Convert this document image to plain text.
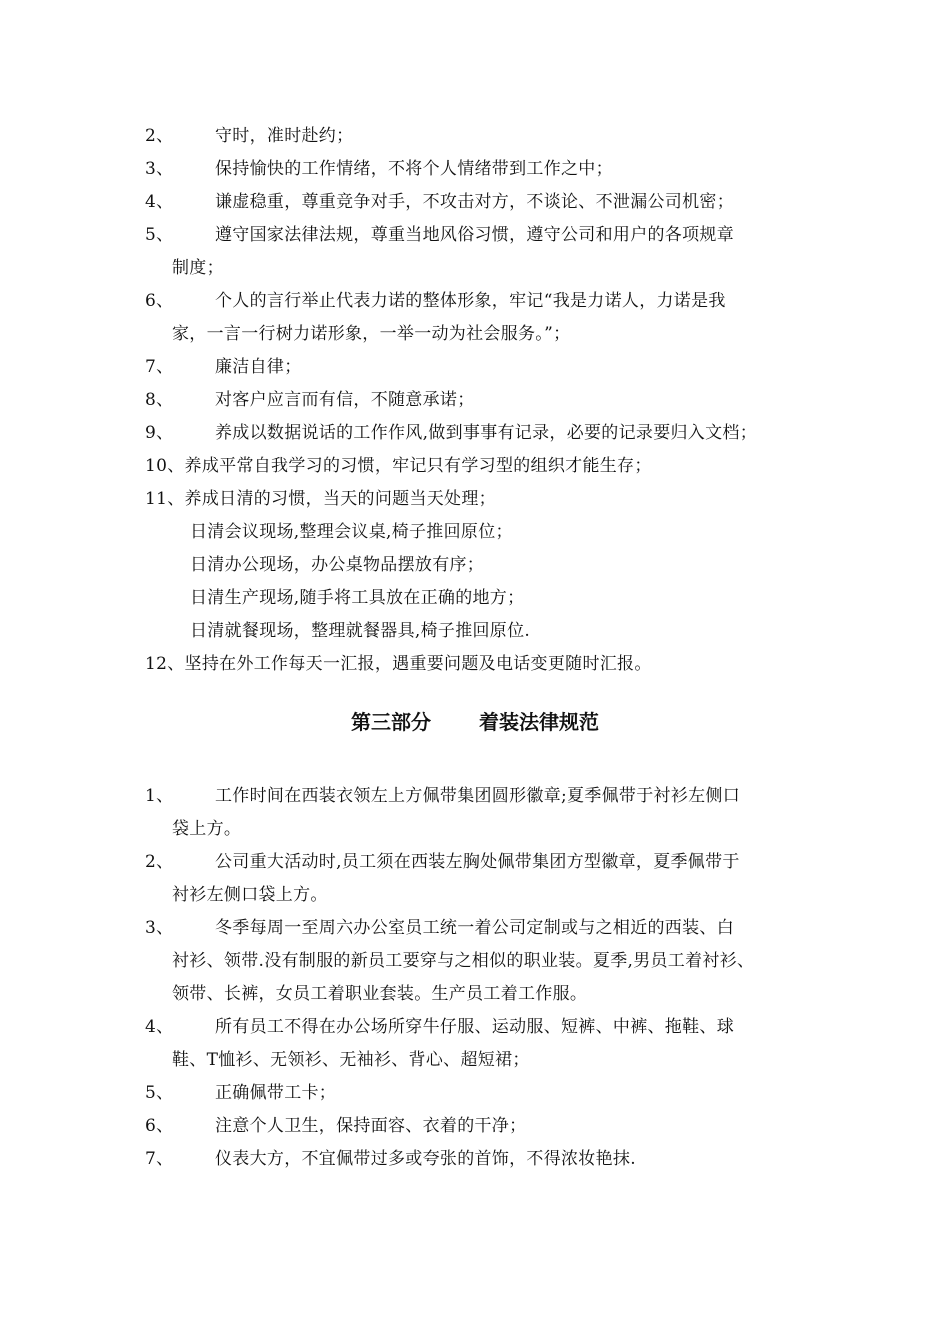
2、 守时，准时赴约；
3、 保持愉快的工作情绪，不将个人情绪带到工作之中；
4、 谦虚稳重，尊重竞争对手，不攻击对方，不谈论、不泄漏公司机密；
5、 遵守国家法律法规，尊重当地风俗习惯，遵守公司和用户的各项规章
制度；
6、 个人的言行举止代表力诺的整体形象，牢记“我是力诺人，力诺是我
家，一言一行树力诺形象，一举一动为社会服务。”；
7、 廉洁自律；
8、 对客户应言而有信，不随意承诺；
9、 养成以数据说话的工作作风,做到事事有记录，必要的记录要归入文档；
10、养成平常自我学习的习惯，牢记只有学习型的组织才能生存；
11、养成日清的习惯，当天的问题当天处理；
日清会议现场,整理会议桌,椅子推回原位；
日清办公现场，办公桌物品摆放有序；
日清生产现场,随手将工具放在正确的地方；
日清就餐现场，整理就餐器具,椅子推回原位.
12、坚持在外工作每天一汇报，遇重要问题及电话变更随时汇报。
第三部分 着装法律规范
1、 工作时间在西装衣领左上方佩带集团圆形徽章;夏季佩带于衬衫左侧口
袋上方。
2、 公司重大活动时,员工须在西装左胸处佩带集团方型徽章，夏季佩带于
衬衫左侧口袋上方。
3、 冬季每周一至周六办公室员工统一着公司定制或与之相近的西装、白
衬衫、领带.没有制服的新员工要穿与之相似的职业装。夏季,男员工着衬衫、
领带、长裤，女员工着职业套装。生产员工着工作服。
4、 所有员工不得在办公场所穿牛仔服、运动服、短裤、中裤、拖鞋、球
鞋、T恤衫、无领衫、无袖衫、背心、超短裙；
5、 正确佩带工卡；
6、 注意个人卫生，保持面容、衣着的干净；
7、 仪表大方，不宜佩带过多或夸张的首饰，不得浓妆艳抹.
